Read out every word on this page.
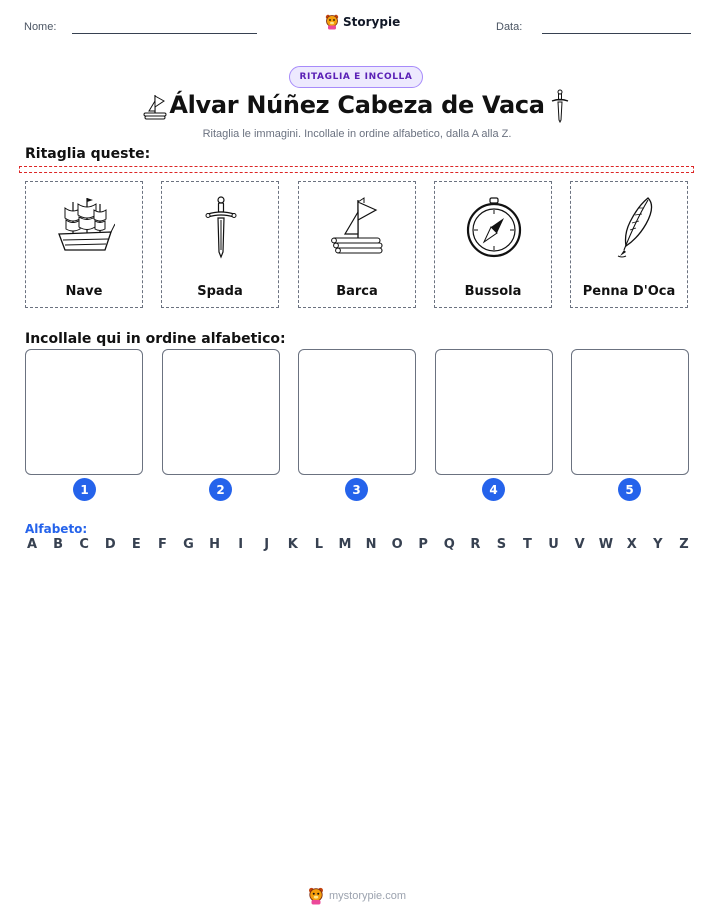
Nome:	Storypie	Data:
RITAGLIA E INCOLLA
Álvar Núñez Cabeza de Vaca
Ritaglia le immagini. Incollale in ordine alfabetico, dalla A alla Z.
Ritaglia queste:
Nave	Spada	Barca	Bussola	Penna D'Oca
Incollale qui in ordine alfabetico:
1	2	3	4	5
Alfabeto:
A B C D E F G H	I	J	K L M N O P Q R S T U V W X Y Z
mystorypie.com
